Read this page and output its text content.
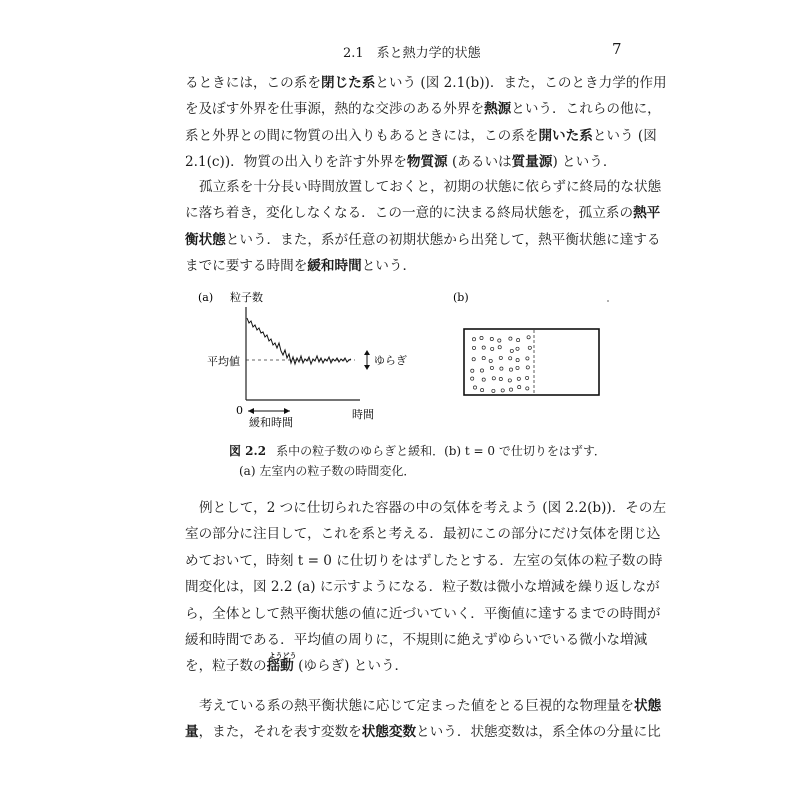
2.1　系と熱力学的状態	7
るときには，この系を閉じた系という (図 2.1(b))．また，このとき力学的作用
を及ぼす外界を仕事源，熱的な交渉のある外界を熱源という．これらの他に，
系と外界との間に物質の出入りもあるときには，この系を開いた系という (図
2.1(c))．物質の出入りを許す外界を物質源 (あるいは質量源) という．
孤立系を十分長い時間放置しておくと，初期の状態に依らずに終局的な状態
に落ち着き，変化しなくなる．この一意的に決まる終局状態を，孤立系の熱平
衡状態という．また，系が任意の初期状態から出発して，熱平衡状態に達する
までに要する時間を緩和時間という．
(a) 粒子数
0	時間
平均値	ゆらぎ
緩和時間
(b)
図 2.2 系中の粒子数のゆらぎと緩和．(b) t = 0 で仕切りをはずす．
(a) 左室内の粒子数の時間変化．
例として，2 つに仕切られた容器の中の気体を考えよう (図 2.2(b))．その左
室の部分に注目して，これを系と考える．最初にこの部分にだけ気体を閉じ込
めておいて，時刻 t = 0 に仕切りをはずしたとする．左室の気体の粒子数の時
間変化は，図 2.2 (a) に示すようになる．粒子数は微小な増減を繰り返しなが
ら，全体として熱平衡状態の値に近づいていく．平衡値に達するまでの時間が
緩和時間である．平均値の周りに，不規則に絶えずゆらいでいる微小な増減
を，粒子数の
ようどう
揺動 (ゆらぎ) という．
考えている系の熱平衡状態に応じて定まった値をとる巨視的な物理量を状態
量，また，それを表す変数を状態変数という．状態変数は，系全体の分量に比
